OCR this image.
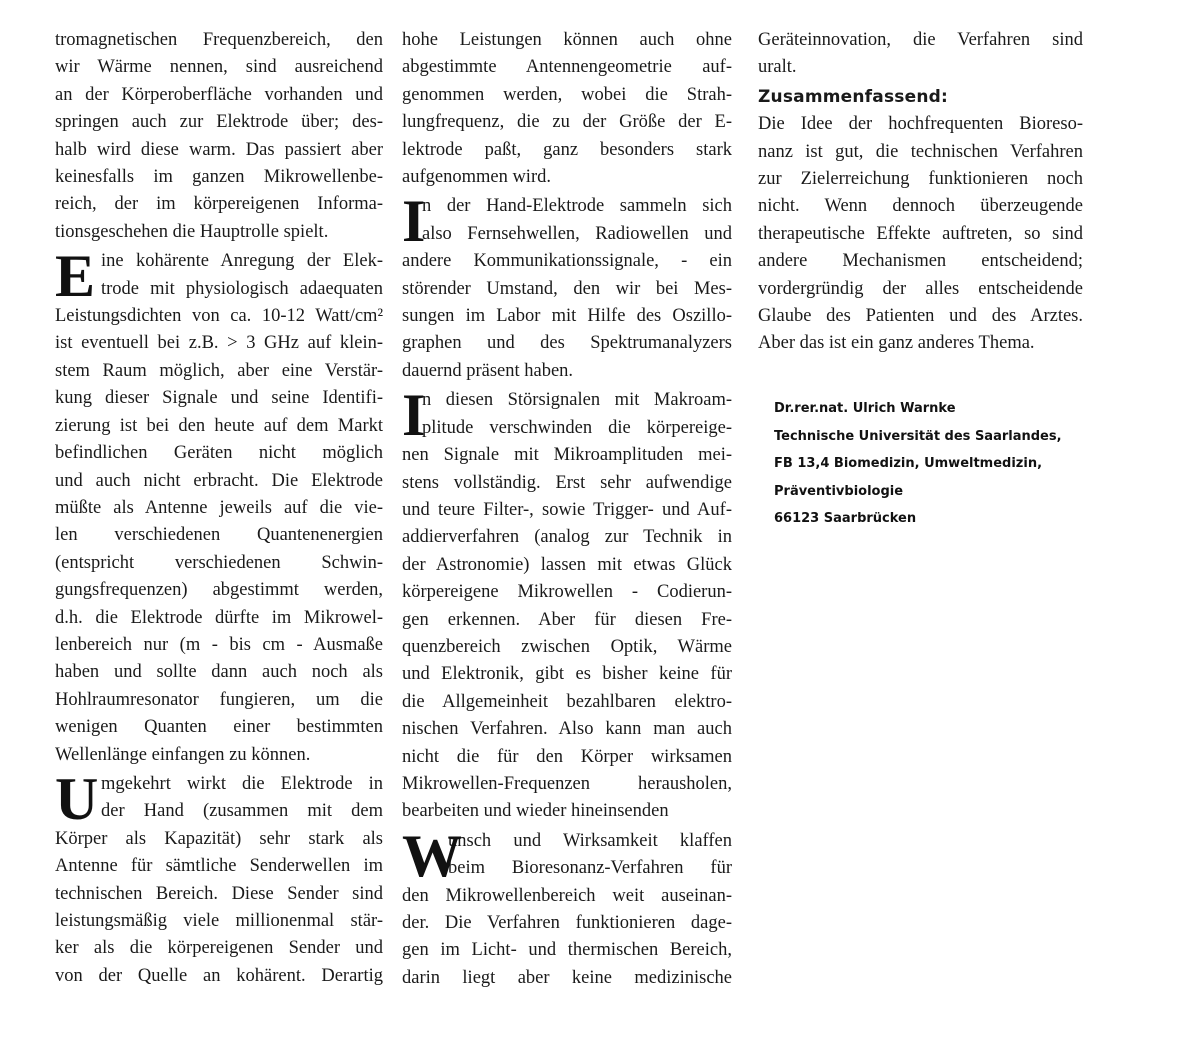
tromagnetischen Frequenzbereich, den
wir Wärme nennen, sind ausreichend
an der Körperoberfläche vorhanden und
springen auch zur Elektrode über; des-
halb wird diese warm. Das passiert aber
keinesfalls im ganzen Mikrowellenbe-
reich, der im körpereigenen Informa-
tionsgeschehen die Hauptrolle spielt.
E ine kohärente Anregung der Elek-
trode mit physiologisch adaequaten
Leistungsdichten von ca. 10-12 Watt/cm²
ist eventuell bei z.B. > 3 GHz auf klein-
stem Raum möglich, aber eine Verstär-
kung dieser Signale und seine Identifi-
zierung ist bei den heute auf dem Markt
befindlichen Geräten nicht möglich
und auch nicht erbracht. Die Elektrode
müßte als Antenne jeweils auf die vie-
len verschiedenen Quantenenergien
(entspricht verschiedenen Schwin-
gungsfrequenzen) abgestimmt werden,
d.h. die Elektrode dürfte im Mikrowel-
lenbereich nur (m - bis cm - Ausmaße
haben und sollte dann auch noch als
Hohlraumresonator fungieren, um die
wenigen Quanten einer bestimmten
Wellenlänge einfangen zu können.
U mgekehrt wirkt die Elektrode in
der Hand (zusammen mit dem
Körper als Kapazität) sehr stark als
Antenne für sämtliche Senderwellen im
technischen Bereich. Diese Sender sind
leistungsmäßig viele millionenmal stär-
ker als die körpereigenen Sender und
von der Quelle an kohärent. Derartig
hohe Leistungen können auch ohne
abgestimmte Antennengeometrie auf-
genommen werden, wobei die Strah-
lungfrequenz, die zu der Größe der E-
lektrode paßt, ganz besonders stark
aufgenommen wird.
I
n der Hand-Elektrode sammeln sich
also Fernsehwellen, Radiowellen und
andere Kommunikationssignale, - ein
störender Umstand, den wir bei Mes-
sungen im Labor mit Hilfe des Oszillo-
graphen und des Spektrumanalyzers
dauernd präsent haben.
I
n diesen Störsignalen mit Makroam-
plitude verschwinden die körpereige-
nen Signale mit Mikroamplituden mei-
stens vollständig. Erst sehr aufwendige
und teure Filter-, sowie Trigger- und Auf-
addierverfahren (analog zur Technik in
der Astronomie) lassen mit etwas Glück
körpereigene Mikrowellen - Codierun-
gen erkennen. Aber für diesen Fre-
quenzbereich zwischen Optik, Wärme
und Elektronik, gibt es bisher keine für
die Allgemeinheit bezahlbaren elektro-
nischen Verfahren. Also kann man auch
nicht die für den Körper wirksamen
Mikrowellen-Frequenzen herausholen,
bearbeiten und wieder hineinsenden
W
unsch und Wirksamkeit klaffen
beim Bioresonanz-Verfahren für
den Mikrowellenbereich weit auseinan-
der. Die Verfahren funktionieren dage-
gen im Licht- und thermischen Bereich,
darin liegt aber keine medizinische
Geräteinnovation, die Verfahren sind
uralt.
Zusammenfassend:
Die Idee der hochfrequenten Bioreso-
nanz ist gut, die technischen Verfahren
zur Zielerreichung funktionieren noch
nicht. Wenn dennoch überzeugende
therapeutische Effekte auftreten, so sind
andere Mechanismen entscheidend;
vordergründig der alles entscheidende
Glaube des Patienten und des Arztes.
Aber das ist ein ganz anderes Thema.
Dr.rer.nat. Ulrich Warnke
Technische Universität des Saarlandes,
FB 13,4 Biomedizin, Umweltmedizin,
Präventivbiologie
66123 Saarbrücken
